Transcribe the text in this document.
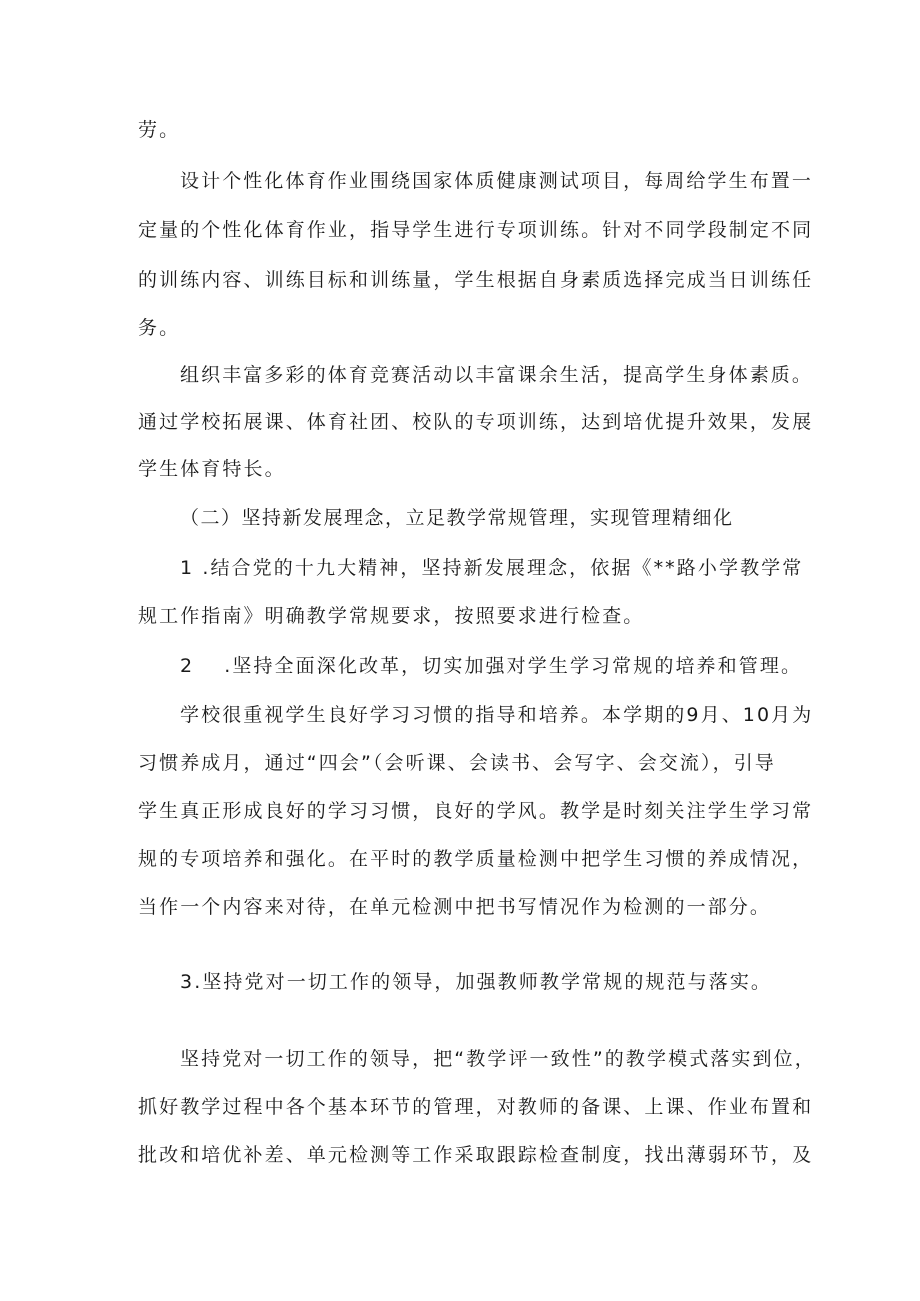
劳。
设计个性化体育作业围绕国家体质健康测试项目，每周给学生布置一
定量的个性化体育作业，指导学生进行专项训练。针对不同学段制定不同
的训练内容、训练目标和训练量，学生根据自身素质选择完成当日训练任
务。
组织丰富多彩的体育竞赛活动以丰富课余生活，提高学生身体素质。
通过学校拓展课、体育社团、校队的专项训练，达到培优提升效果，发展
学生体育特长。
（二）坚持新发展理念，立足教学常规管理，实现管理精细化
1 .结合党的十九大精神，坚持新发展理念，依据《**路小学教学常
规工作指南》明确教学常规要求，按照要求进行检查。
2 .坚持全面深化改革，切实加强对学生学习常规的培养和管理。
学校很重视学生良好学习习惯的指导和培养。本学期的9月、10月为
习惯养成月，通过“四会”（会听课、会读书、会写字、会交流），引导
学生真正形成良好的学习习惯，良好的学风。教学是时刻关注学生学习常
规的专项培养和强化。在平时的教学质量检测中把学生习惯的养成情况，
当作一个内容来对待，在单元检测中把书写情况作为检测的一部分。
3.坚持党对一切工作的领导，加强教师教学常规的规范与落实。
坚持党对一切工作的领导，把“教学评一致性”的教学模式落实到位，
抓好教学过程中各个基本环节的管理，对教师的备课、上课、作业布置和
批改和培优补差、单元检测等工作采取跟踪检查制度，找出薄弱环节，及
